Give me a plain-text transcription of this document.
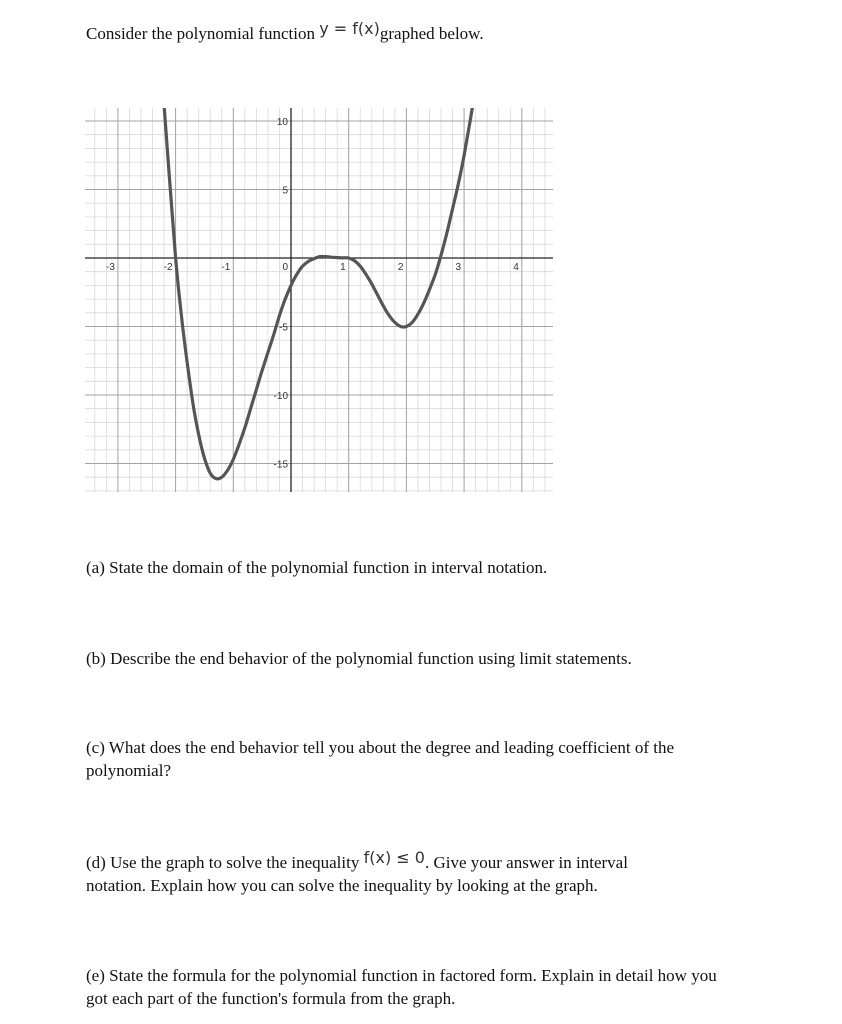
Consider the polynomial function y = f(x)graphed below.

-3	-2	-1	0	1	2	3	4
10
5
-5
-10
-15

(a) State the domain of the polynomial function in interval notation.

(b) Describe the end behavior of the polynomial function using limit statements.

(c) What does the end behavior tell you about the degree and leading coefficient of the
polynomial?
(d) Use the graph to solve the inequality f(x) ≤ 0. Give your answer in interval
notation. Explain how you can solve the inequality by looking at the graph.
(e) State the formula for the polynomial function in factored form. Explain in detail how you
got each part of the function's formula from the graph.
